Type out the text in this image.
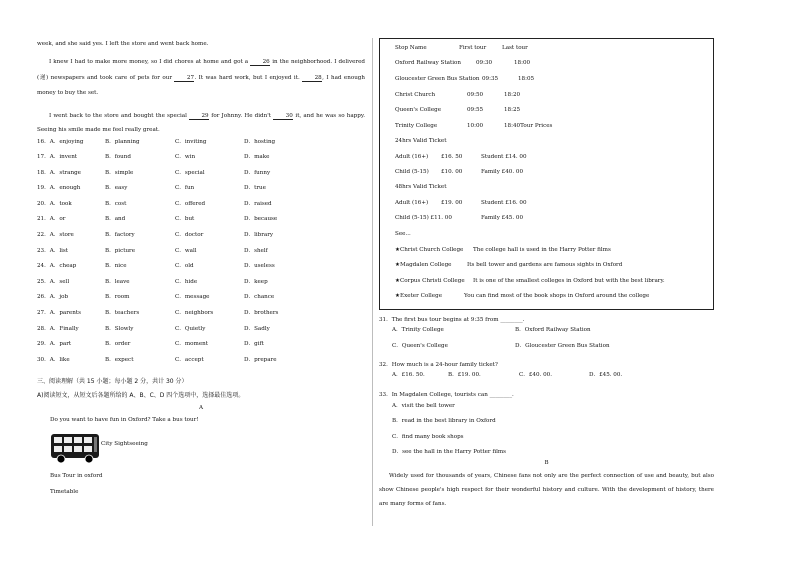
week, and she said yes. I left the store and went back home.

I knew I had to make more money, so I did chores at home and got a	26 in the neighborhood. I delivered (递) newspapers and took care of pets for our	27. It was hard work, but I enjoyed it.	28, I had enough money to buy the set.

I went back to the store and bought the special	29 for Johnny. He didn't	30 it, and he was so happy. Seeing his smile made me feel really great.

16．A．enjoying	B．planning	C．inviting	D．hosting
17．A．invent	B．found	C．win	D．make
18．A．strange	B．simple	C．special	D．funny
19．A．enough	B．easy	C．fun	D．true
20．A．took	B．cost	C．offered	D．raised
21．A．or	B．and	C．but	D．because
22．A．store	B．factory	C．doctor	D．library
23．A．list	B．picture	C．wall	D．shelf
24．A．cheap	B．nice	C．old	D．useless
25．A．sell	B．leave	C．hide	D．keep
26．A．job	B．room	C．message	D．chance
27．A．parents	B．teachers	C．neighbors	D．brothers
28．A．Finally	B．Slowly	C．Quietly	D．Sadly
29．A．part	B．order	C．moment	D．gift
30．A．like	B．expect	C．accept	D．prepare
三、阅读理解（共 15 小题；每小题 2 分，共计 30 分）
A)阅读短文，从短文后各题所给的 A、B、C、D 四个选项中，选择最佳选项。
A
Do you want to have fun in Oxford? Take a bus tour!
City Sightseeing
Bus Tour in oxford
Timetable
Stop Name	First tour	Last tour
Oxford Railway Station	09:30	18:00
Gloucester Green Bus Station 09:35	18:05
Christ Church	09:50	18:20
Queen's College	09:55	18:25
Trinity College	10:00	18:40Tour Prices
24hrs Valid Ticket
Adult (16+) £16. 50	Student £14. 00
Child (5-15) £10. 00	Family £40. 00
48hrs Valid Ticket
Adult (16+) £19. 00	Student £16. 00
Child (5-15) £11. 00	Family £45. 00
See...
★Christ Church College The college hall is used in the Harry Potter films
★Magdalen College	Its bell tower and gardens are famous sights in Oxford
★Corpus Christi College It is one of the smallest colleges in Oxford but with the best library.
★Exeter College	You can find most of the book shops in Oxford around the college
31．The first bus tour begins at 9:35 from ________.
A．Trinity College	B．Oxford Railway Station
C．Queen's College	D．Gloucester Green Bus Station
32．How much is a 24-hour family ticket?
A．£16. 50.	B．£19. 00.	C．£40. 00.	D．£45. 00.
33．In Magdalen College, tourists can ________.
A．visit the bell tower
B．read in the best library in Oxford
C．find many book shops
D．see the hall in the Harry Potter films
B

Widely used for thousands of years, Chinese fans not only are the perfect connection of use and beauty, but also show Chinese people's high respect for their wonderful history and culture. With the development of history, there are many forms of fans.
